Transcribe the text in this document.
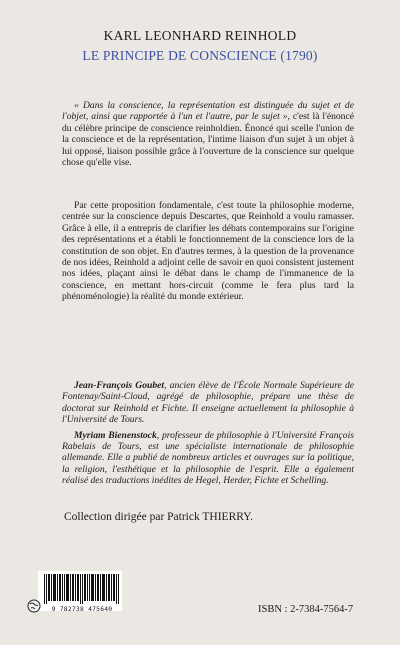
KARL LEONHARD REINHOLD
LE PRINCIPE DE CONSCIENCE (1790)
« Dans la conscience, la représentation est distinguée du sujet et de l'objet, ainsi que rapportée à l'un et l'autre, par le sujet », c'est là l'énoncé du célèbre principe de conscience reinholdien. Énoncé qui scelle l'union de la conscience et de la représentation, l'intime liaison d'un sujet à un objet à lui opposé, liaison possible grâce à l'ouverture de la conscience sur quelque chose qu'elle vise.
Par cette proposition fondamentale, c'est toute la philosophie moderne, centrée sur la conscience depuis Descartes, que Reinhold a voulu ramasser. Grâce à elle, il a entrepris de clarifier les débats contemporains sur l'origine des représentations et a établi le fonctionnement de la conscience lors de la constitution de son objet. En d'autres termes, à la question de la provenance de nos idées, Reinhold a adjoint celle de savoir en quoi consistent justement nos idées, plaçant ainsi le débat dans le champ de l'immanence de la conscience, en mettant hors-circuit (comme le fera plus tard la phénoménologie) la réalité du monde extérieur.

Jean-François Goubet, ancien élève de l'École Normale Supérieure de Fontenay/Saint-Cloud, agrégé de philosophie, prépare une thèse de doctorat sur Reinhold et Fichte. Il enseigne actuellement la philosophie à l'Université de Tours.

Myriam Bienenstock, professeur de philosophie à l'Université François Rabelais de Tours, est une spécialiste internationale de philosophie allemande. Elle a publié de nombreux articles et ouvrages sur la politique, la religion, l'esthétique et la philosophie de l'esprit. Elle a également réalisé des traductions inédites de Hegel, Herder, Fichte et Schelling.

Collection dirigée par Patrick THIERRY.
9 782738 475640	ISBN : 2-7384-7564-7
